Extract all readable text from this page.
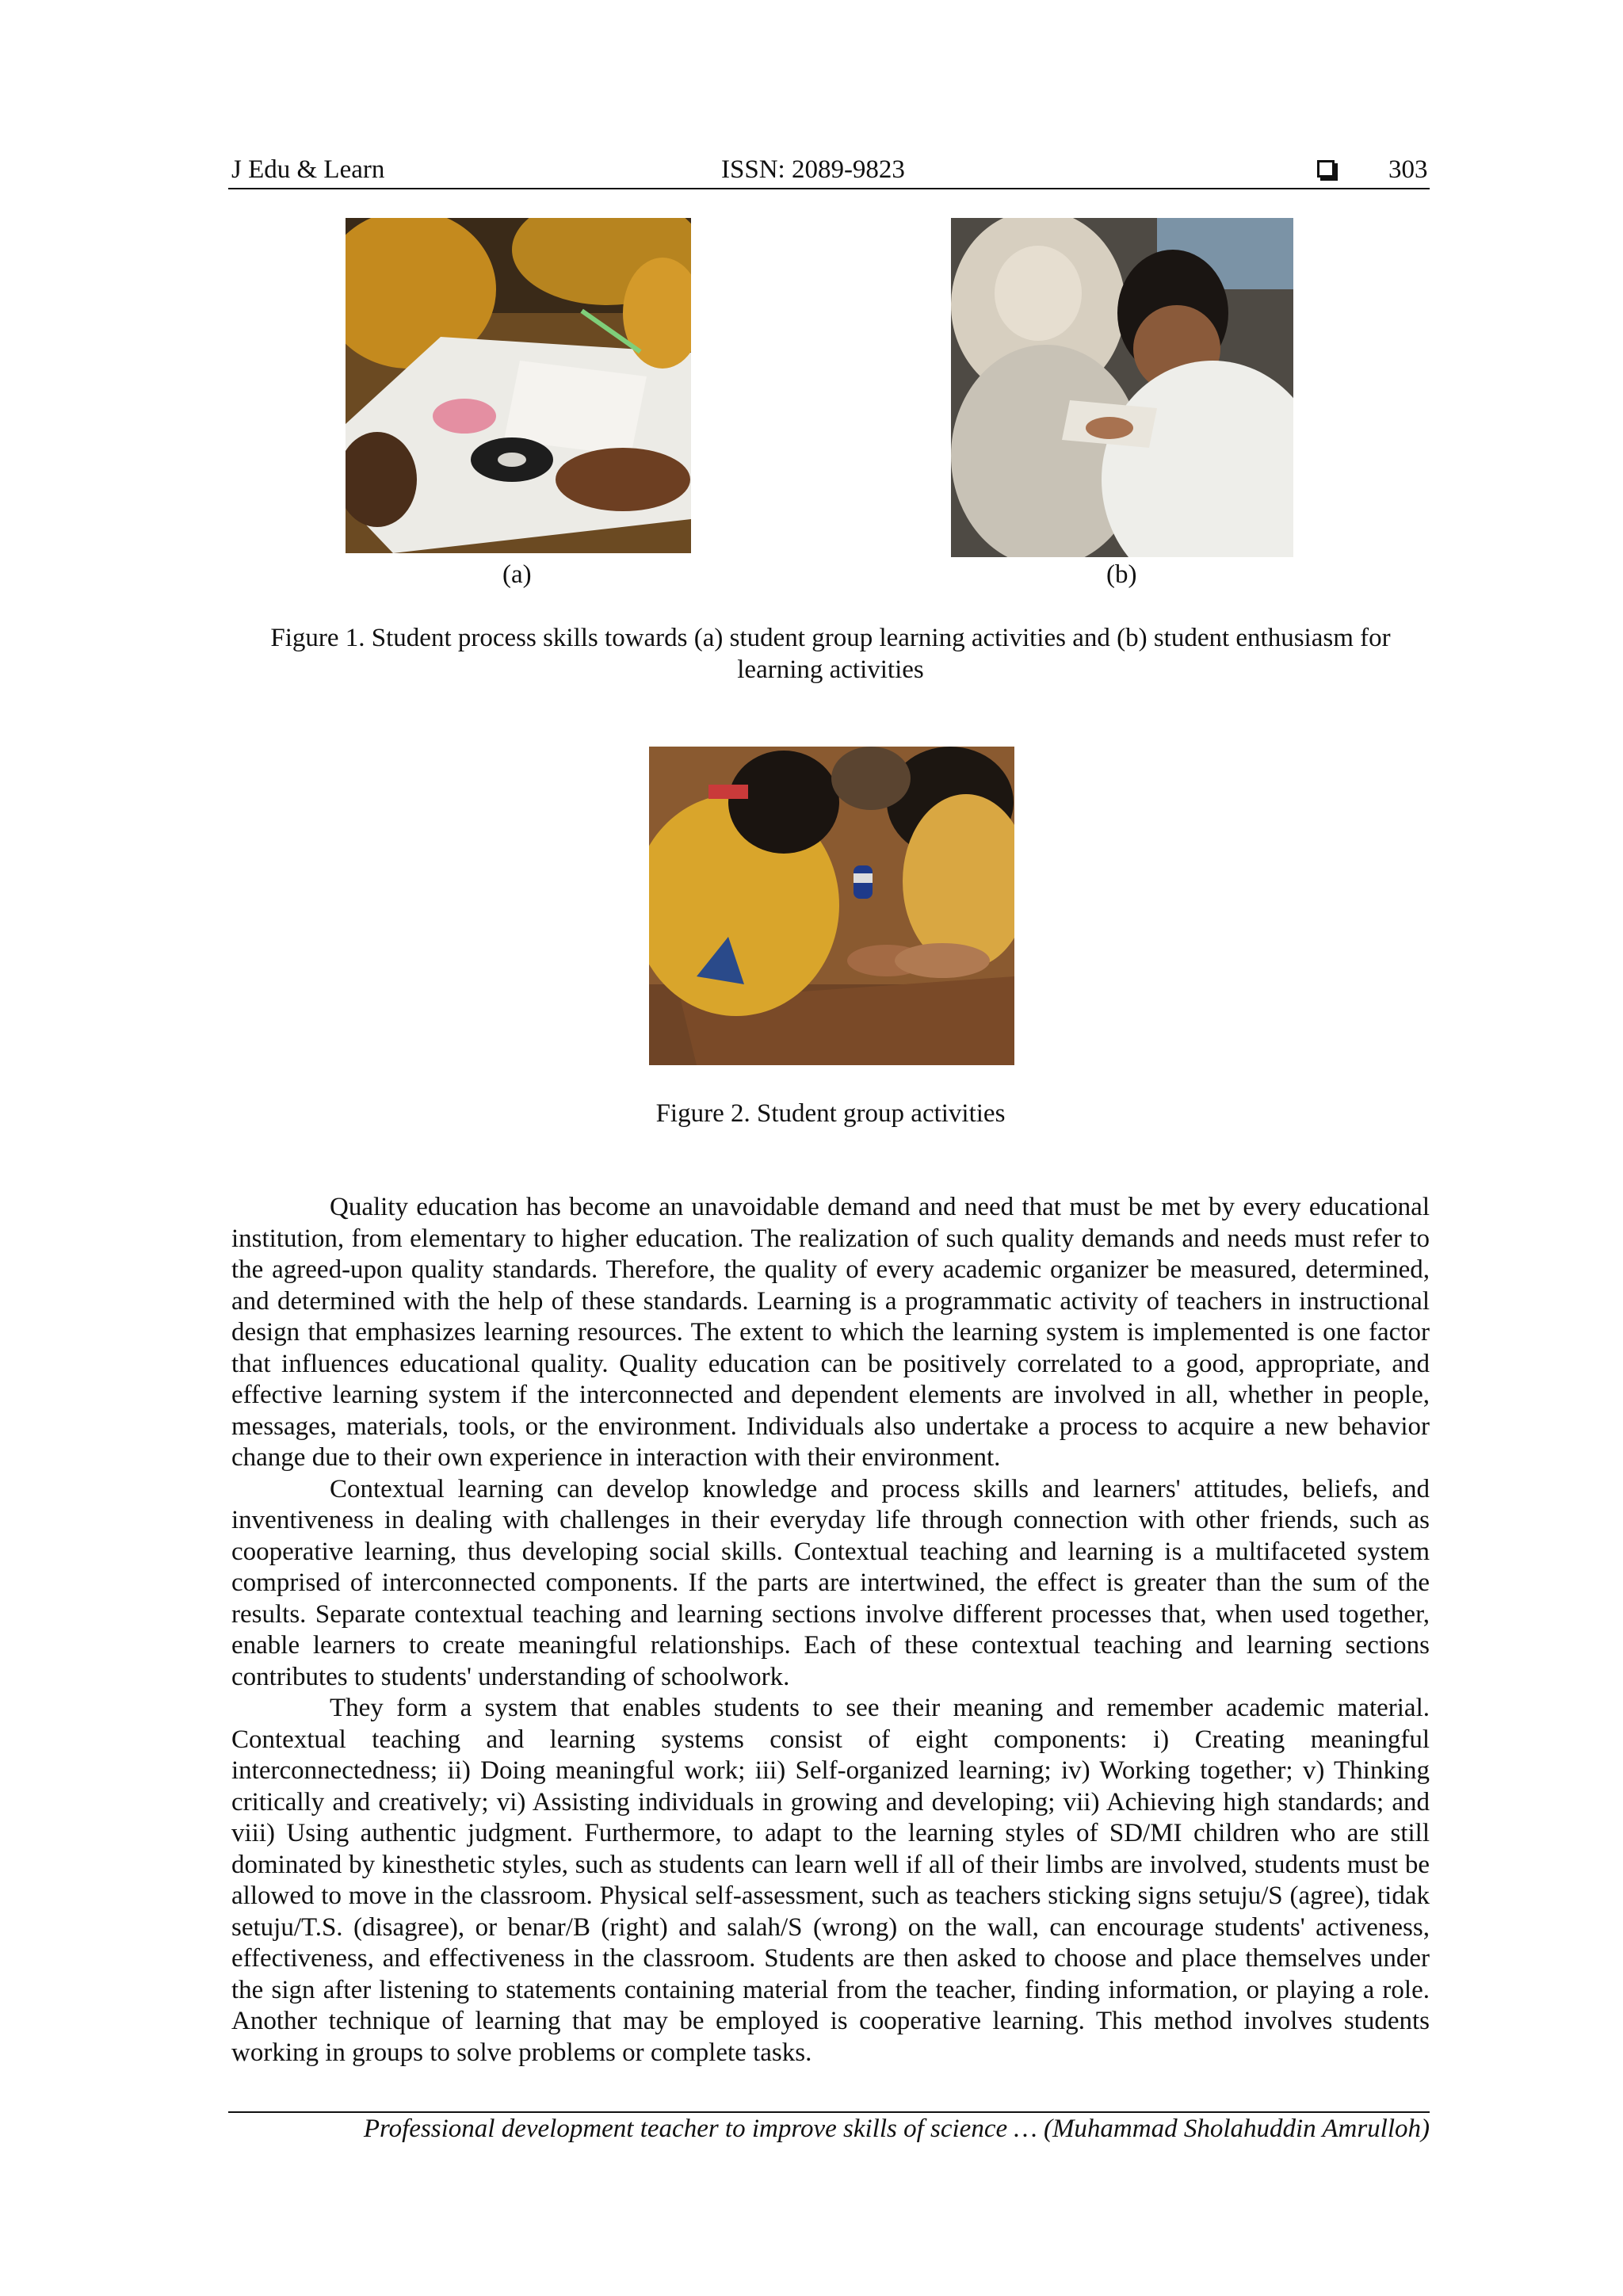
J Edu & Learn	ISSN: 2089-9823	303
(a)	(b)
Figure 1. Student process skills towards (a) student group learning activities and (b) student enthusiasm for learning activities
Figure 2. Student group activities

Quality education has become an unavoidable demand and need that must be met by every educational institution, from elementary to higher education. The realization of such quality demands and needs must refer to the agreed-upon quality standards. Therefore, the quality of every academic organizer be measured, determined, and determined with the help of these standards. Learning is a programmatic activity of teachers in instructional design that emphasizes learning resources. The extent to which the learning system is implemented is one factor that influences educational quality. Quality education can be positively correlated to a good, appropriate, and effective learning system if the interconnected and dependent elements are involved in all, whether in people, messages, materials, tools, or the environment. Individuals also undertake a process to acquire a new behavior change due to their own experience in interaction with their environment.

Contextual learning can develop knowledge and process skills and learners' attitudes, beliefs, and inventiveness in dealing with challenges in their everyday life through connection with other friends, such as cooperative learning, thus developing social skills. Contextual teaching and learning is a multifaceted system comprised of interconnected components. If the parts are intertwined, the effect is greater than the sum of the results. Separate contextual teaching and learning sections involve different processes that, when used together, enable learners to create meaningful relationships. Each of these contextual teaching and learning sections contributes to students' understanding of schoolwork.

They form a system that enables students to see their meaning and remember academic material. Contextual teaching and learning systems consist of eight components: i) Creating meaningful interconnectedness; ii) Doing meaningful work; iii) Self-organized learning; iv) Working together; v) Thinking critically and creatively; vi) Assisting individuals in growing and developing; vii) Achieving high standards; and viii) Using authentic judgment. Furthermore, to adapt to the learning styles of SD/MI children who are still dominated by kinesthetic styles, such as students can learn well if all of their limbs are involved, students must be allowed to move in the classroom. Physical self-assessment, such as teachers sticking signs setuju/S (agree), tidak setuju/T.S. (disagree), or benar/B (right) and salah/S (wrong) on the wall, can encourage students' activeness, effectiveness, and effectiveness in the classroom. Students are then asked to choose and place themselves under the sign after listening to statements containing material from the teacher, finding information, or playing a role. Another technique of learning that may be employed is cooperative learning. This method involves students working in groups to solve problems or complete tasks.

Professional development teacher to improve skills of science … (Muhammad Sholahuddin Amrulloh)
